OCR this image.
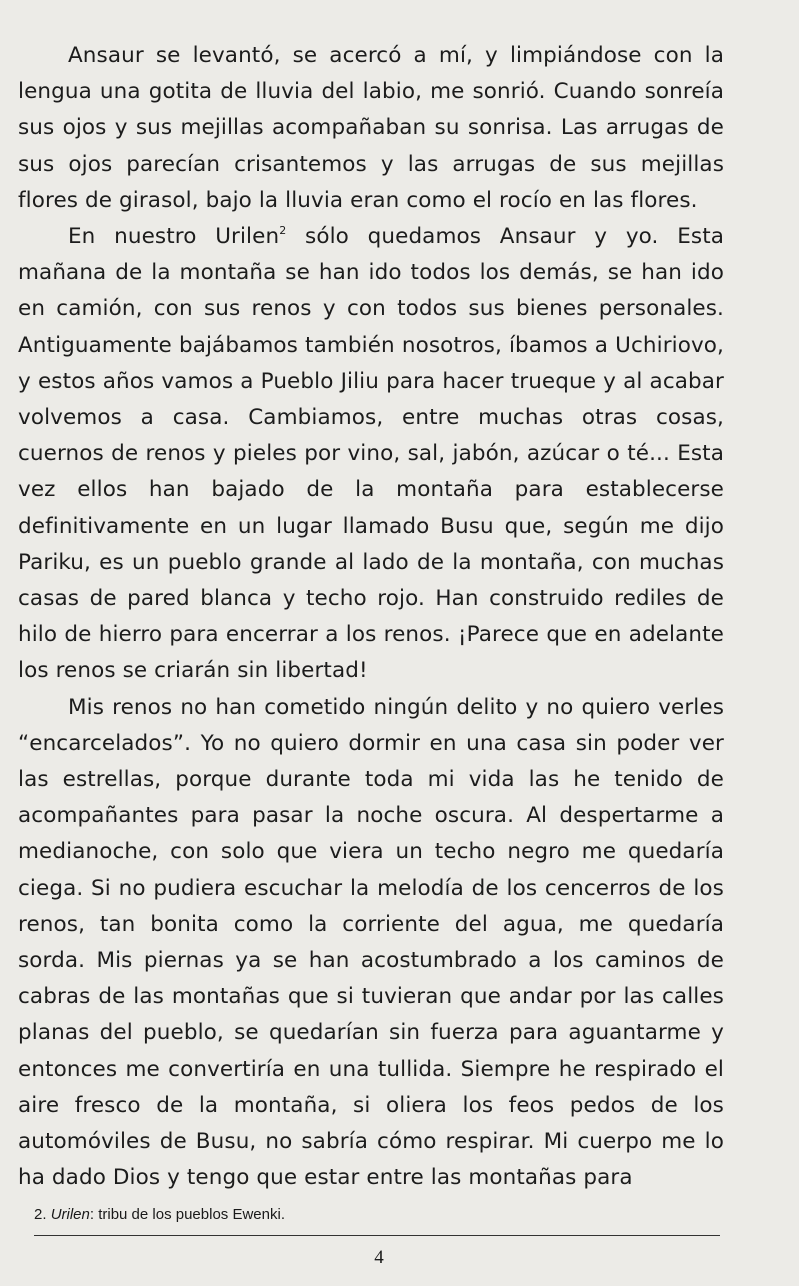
Ansaur se levantó, se acercó a mí, y limpiándose con la lengua una gotita de lluvia del labio, me sonrió. Cuando sonreía sus ojos y sus mejillas acompañaban su sonrisa. Las arrugas de sus ojos parecían crisantemos y las arrugas de sus mejillas flores de girasol, bajo la lluvia eran como el rocío en las flores.

En nuestro Urilen$^2$ sólo quedamos Ansaur y yo. Esta mañana de la montaña se han ido todos los demás, se han ido en camión, con sus renos y con todos sus bienes personales. Antiguamente bajábamos también nosotros, íbamos a Uchiriovo, y estos años vamos a Pueblo Jiliu para hacer trueque y al acabar volvemos a casa. Cambiamos, entre muchas otras cosas, cuernos de renos y pieles por vino, sal, jabón, azúcar o té... Esta vez ellos han bajado de la montaña para establecerse definitivamente en un lugar llamado Busu que, según me dijo Pariku, es un pueblo grande al lado de la montaña, con muchas casas de pared blanca y techo rojo. Han construido rediles de hilo de hierro para encerrar a los renos. ¡Parece que en adelante los renos se criarán sin libertad!

Mis renos no han cometido ningún delito y no quiero verles “encarcelados”. Yo no quiero dormir en una casa sin poder ver las estrellas, porque durante toda mi vida las he tenido de acompañantes para pasar la noche oscura. Al despertarme a medianoche, con solo que viera un techo negro me quedaría ciega. Si no pudiera escuchar la melodía de los cencerros de los renos, tan bonita como la corriente del agua, me quedaría sorda. Mis piernas ya se han acostumbrado a los caminos de cabras de las montañas que si tuvieran que andar por las calles planas del pueblo, se quedarían sin fuerza para aguantarme y entonces me convertiría en una tullida. Siempre he respirado el aire fresco de la montaña, si oliera los feos pedos de los automóviles de Busu, no sabría cómo respirar. Mi cuerpo me lo ha dado Dios y tengo que estar entre las montañas para

2. Urilen: tribu de los pueblos Ewenki.

4
